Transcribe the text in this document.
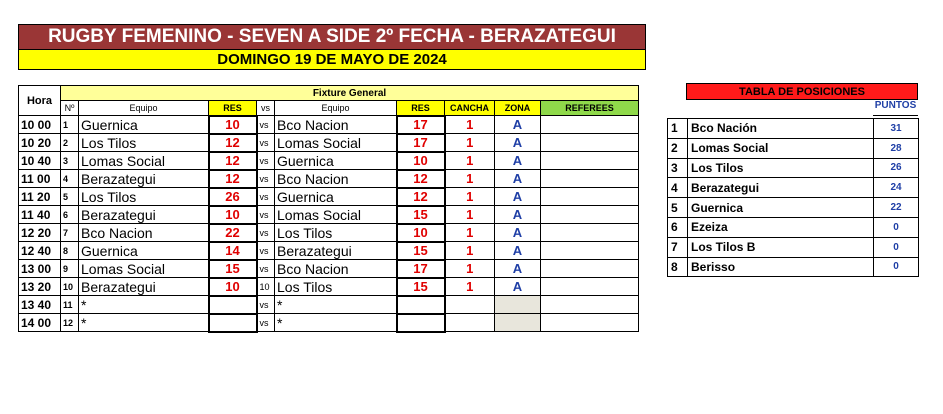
RUGBY FEMENINO - SEVEN A SIDE 2º FECHA - BERAZATEGUI
DOMINGO 19 DE MAYO DE 2024
Hora	Fixture General								
	Nº	Equipo	RES	vs	Equipo	RES	CANCHA	ZONA	REFEREES
10 00	1	Guernica	10	vs	Bco Nacion	17	1	A	
10 20	2	Los Tilos	12	vs	Lomas Social	17	1	A	
10 40	3	Lomas Social	12	vs	Guernica	10	1	A	
11 00	4	Berazategui	12	vs	Bco Nacion	12	1	A	
11 20	5	Los Tilos	26	vs	Guernica	12	1	A	
11 40	6	Berazategui	10	vs	Lomas Social	15	1	A	
12 20	7	Bco Nacion	22	vs	Los Tilos	10	1	A	
12 40	8	Guernica	14	vs	Berazategui	15	1	A	
13 00	9	Lomas Social	15	vs	Bco Nacion	17	1	A	
13 20	10	Berazategui	10	10	Los Tilos	15	1	A	
13 40	11	*		vs	*				
14 00	12	*		vs	*				
TABLA DE POSICIONES
PUNTOS
1	Bco Nación	31
2	Lomas Social	28
3	Los Tilos	26
4	Berazategui	24
5	Guernica	22
6	Ezeiza	0
7	Los Tilos B	0
8	Berisso	0
